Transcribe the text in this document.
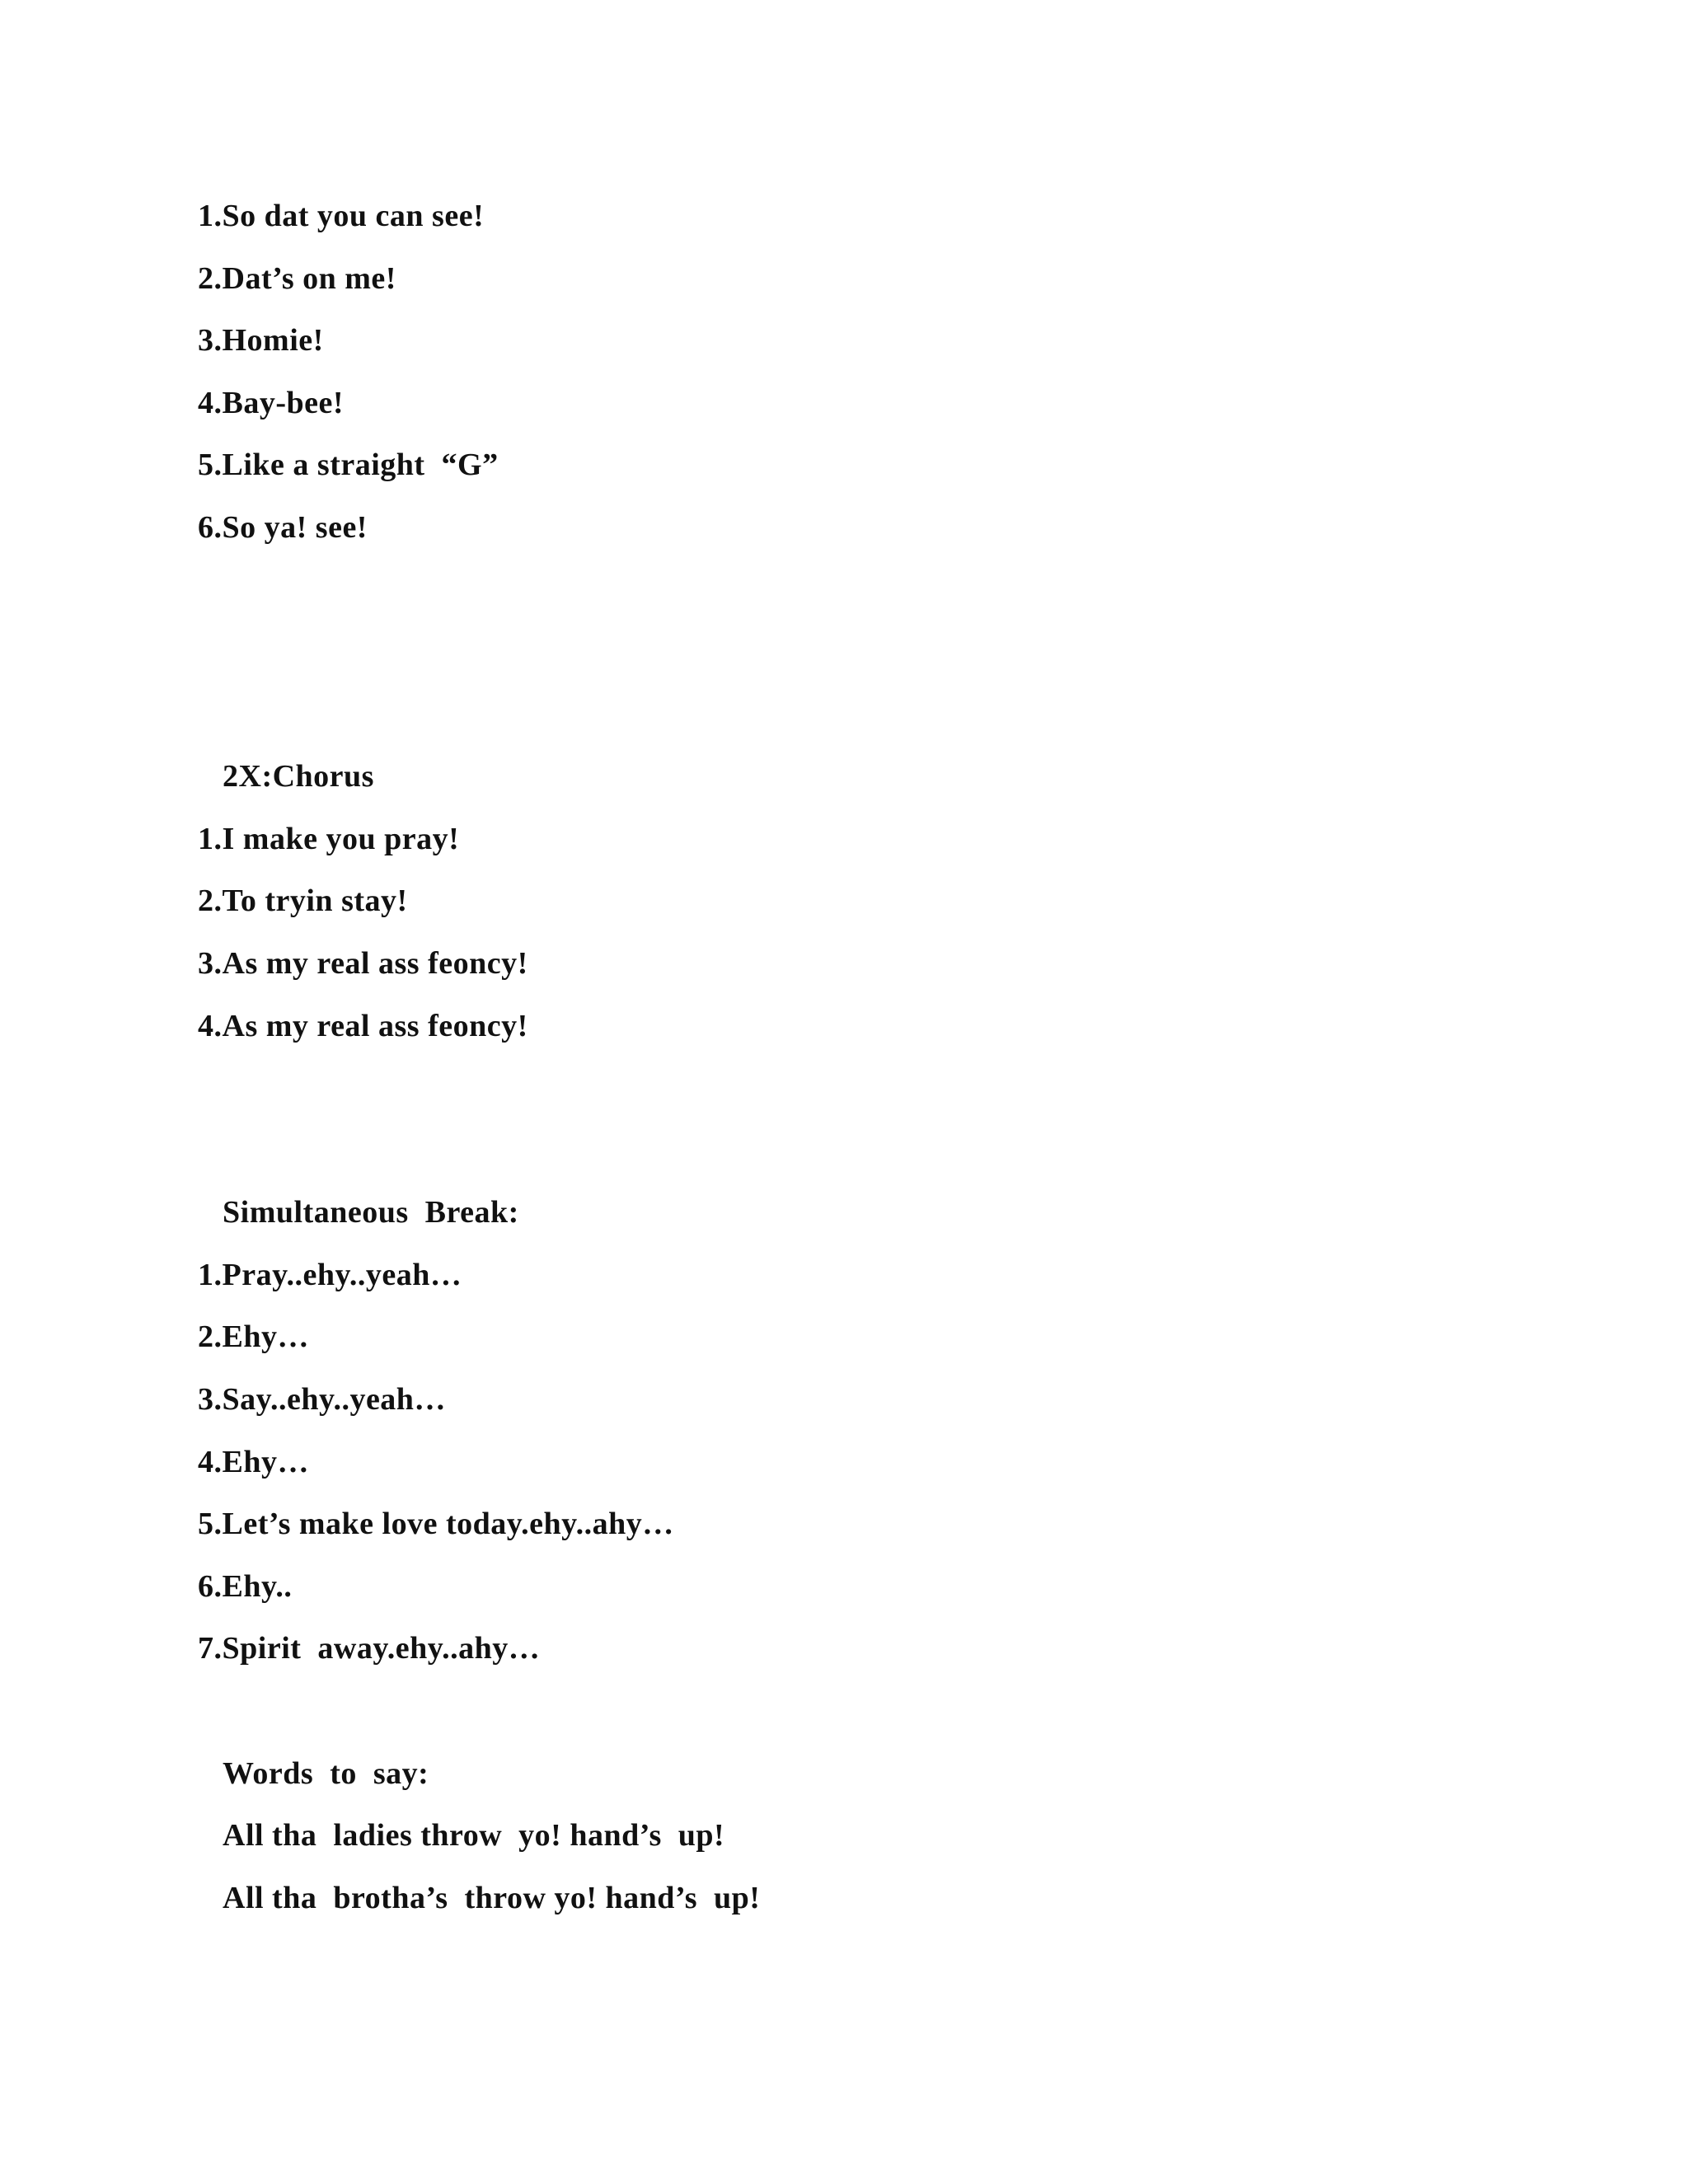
1.So dat you can see!
2.Dat’s on me!
3.Homie!
4.Bay-bee!
5.Like a straight  “G”
6.So ya! see!
2X:Chorus
1.I make you pray!
2.To tryin stay!
3.As my real ass feoncy!
4.As my real ass feoncy!
Simultaneous  Break:
1.Pray..ehy..yeah…
2.Ehy…
3.Say..ehy..yeah…
4.Ehy…
5.Let’s make love today.ehy..ahy…
6.Ehy..
7.Spirit  away.ehy..ahy…
Words  to  say:
All tha  ladies throw  yo! hand’s  up!
All tha  brotha’s  throw yo! hand’s  up!
